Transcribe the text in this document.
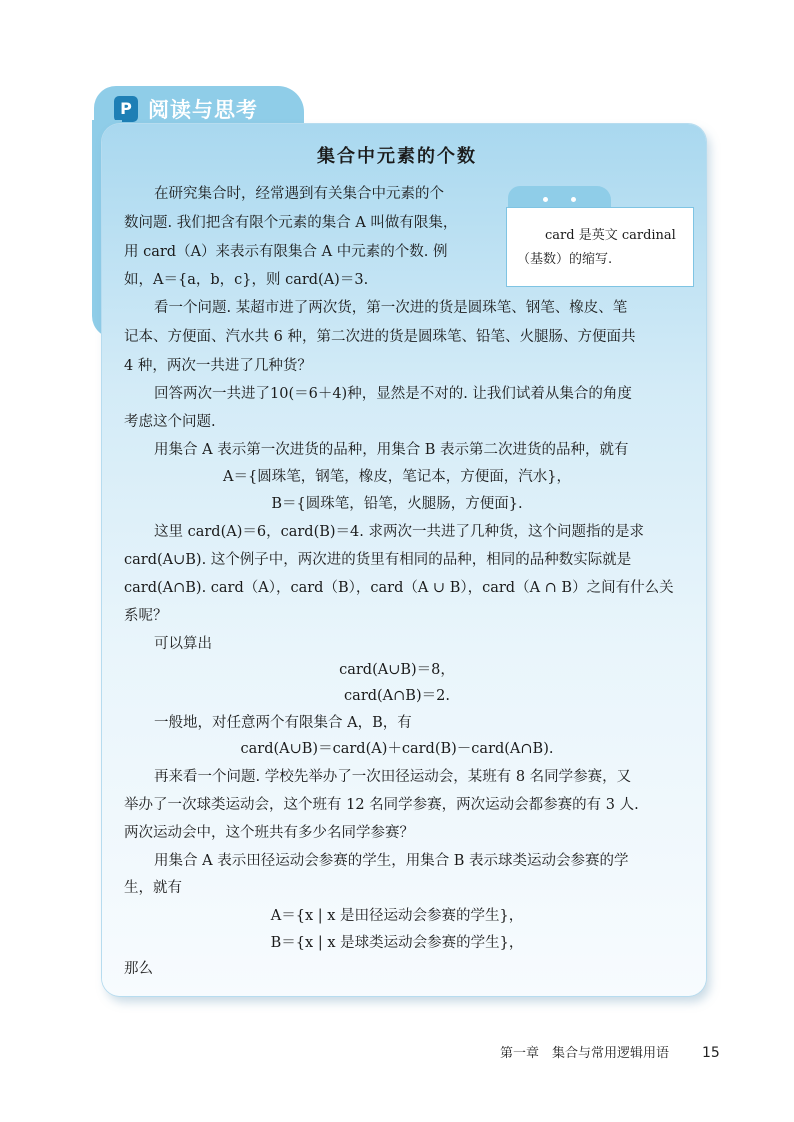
P 阅读与思考
集合中元素的个数
card 是英文 cardinal
（基数）的缩写.
在研究集合时，经常遇到有关集合中元素的个
数问题. 我们把含有限个元素的集合 A 叫做有限集，
用 card（A）来表示有限集合 A 中元素的个数. 例
如，A＝{a，b，c}，则 card(A)＝3.
看一个问题. 某超市进了两次货，第一次进的货是圆珠笔、钢笔、橡皮、笔
记本、方便面、汽水共 6 种，第二次进的货是圆珠笔、铅笔、火腿肠、方便面共
4 种，两次一共进了几种货？
回答两次一共进了10(＝6＋4)种，显然是不对的. 让我们试着从集合的角度
考虑这个问题.
用集合 A 表示第一次进货的品种，用集合 B 表示第二次进货的品种，就有
A＝{圆珠笔，钢笔，橡皮，笔记本，方便面，汽水}，
B＝{圆珠笔，铅笔，火腿肠，方便面}.
这里 card(A)＝6，card(B)＝4. 求两次一共进了几种货，这个问题指的是求
card(A∪B). 这个例子中，两次进的货里有相同的品种，相同的品种数实际就是
card(A∩B). card（A），card（B），card（A ∪ B），card（A ∩ B）之间有什么关
系呢？
可以算出
card(A∪B)＝8，
card(A∩B)＝2.
一般地，对任意两个有限集合 A，B，有
card(A∪B)＝card(A)＋card(B)－card(A∩B).
再来看一个问题. 学校先举办了一次田径运动会，某班有 8 名同学参赛，又
举办了一次球类运动会，这个班有 12 名同学参赛，两次运动会都参赛的有 3 人.
两次运动会中，这个班共有多少名同学参赛？
用集合 A 表示田径运动会参赛的学生，用集合 B 表示球类运动会参赛的学
生，就有
A＝{x | x 是田径运动会参赛的学生}，
B＝{x | x 是球类运动会参赛的学生}，
那么
第一章　集合与常用逻辑用语 15
